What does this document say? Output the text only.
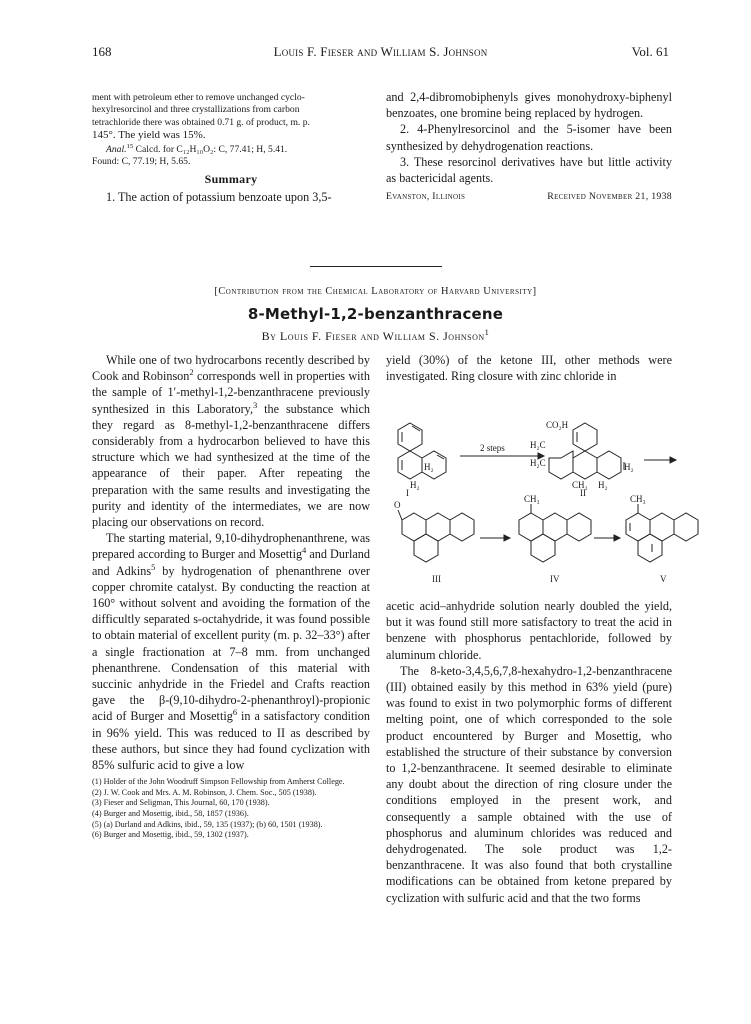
168	Louis F. Fieser and William S. Johnson	Vol. 61
ment with petroleum ether to remove unchanged cyclo-
hexylresorcinol and three crystallizations from carbon
tetrachloride there was obtained 0.71 g. of product, m. p.
145°. The yield was 15%.
Anal.$^{15}$ Calcd. for C₁₂H₁₀O₂: C, 77.41; H, 5.41.
Found: C, 77.19; H, 5.65.
Summary
1. The action of potassium benzoate upon 3,5-

and 2,4-dibromobiphenyls gives monohydroxy-biphenyl benzoates, one bromine being replaced by hydrogen.

2. 4-Phenylresorcinol and the 5-isomer have been synthesized by dehydrogenation reactions.

3. These resorcinol derivatives have but little activity as bactericidal agents.

Evanston, Illinois	Received November 21, 1938
[Contribution from the Chemical Laboratory of Harvard University]
8-Methyl-1,2-benzanthracene
By Louis F. Fieser and William S. Johnson$^1$

While one of two hydrocarbons recently described by Cook and Robinson$^2$ corresponds well in properties with the sample of 1′-methyl-1,2-benzanthracene previously synthesized in this Laboratory,$^3$ the substance which they regard as 8-methyl-1,2-benzanthracene differs considerably from a hydrocarbon believed to have this structure which we had synthesized at the time of the appearance of their paper. After repeating the preparation with the same results and investigating the purity and identity of the intermediates, we are now placing our observations on record.

The starting material, 9,10-dihydrophenanthrene, was prepared according to Burger and Mosettig$^4$ and Durland and Adkins$^5$ by hydrogenation of phenanthrene over copper chromite catalyst. By conducting the reaction at 160° without solvent and avoiding the formation of the difficultly separated s-octahydride, it was found possible to obtain material of excellent purity (m. p. 32–33°) after a single fractionation at 7–8 mm. from unchanged phenanthrene. Condensation of this material with succinic anhydride in the Friedel and Crafts reaction gave the β-(9,10-dihydro-2-phenanthroyl)-propionic acid of Burger and Mosettig$^6$ in a satisfactory condition in 96% yield. This was reduced to II as described by these authors, but since they had found cyclization with 85% sulfuric acid to give a low

(1) Holder of the John Woodruff Simpson Fellowship from Amherst College.

(2) J. W. Cook and Mrs. A. M. Robinson, J. Chem. Soc., 505 (1938).

(3) Fieser and Seligman, This Journal, 60, 170 (1938).

(4) Burger and Mosettig, ibid., 58, 1857 (1936).

(5) (a) Durland and Adkins, ibid., 59, 135 (1937); (b) 60, 1501 (1938).

(6) Burger and Mosettig, ibid., 59, 1302 (1937).

yield (30%) of the ketone III, other methods were investigated. Ring closure with zinc chloride in

2 steps
I	II
III	IV	V
CO₂H
H₂C
H₂C
CH₂
H₂
H₂	H₂
H₂
O
CH₃	CH₃

acetic acid–anhydride solution nearly doubled the yield, but it was found still more satisfactory to treat the acid in benzene with phosphorus pentachloride, followed by aluminum chloride.

The 8-keto-3,4,5,6,7,8-hexahydro-1,2-benzanthracene (III) obtained easily by this method in 63% yield (pure) was found to exist in two polymorphic forms of different melting point, one of which corresponded to the sole product encountered by Burger and Mosettig, who established the structure of their substance by conversion to 1,2-benzanthracene. It seemed desirable to eliminate any doubt about the direction of ring closure under the conditions employed in the present work, and consequently a sample obtained with the use of phosphorus and aluminum chlorides was reduced and dehydrogenated. The sole product was 1,2-benzanthracene. It was also found that both crystalline modifications can be obtained from ketone prepared by cyclization with sulfuric acid and that the two forms
